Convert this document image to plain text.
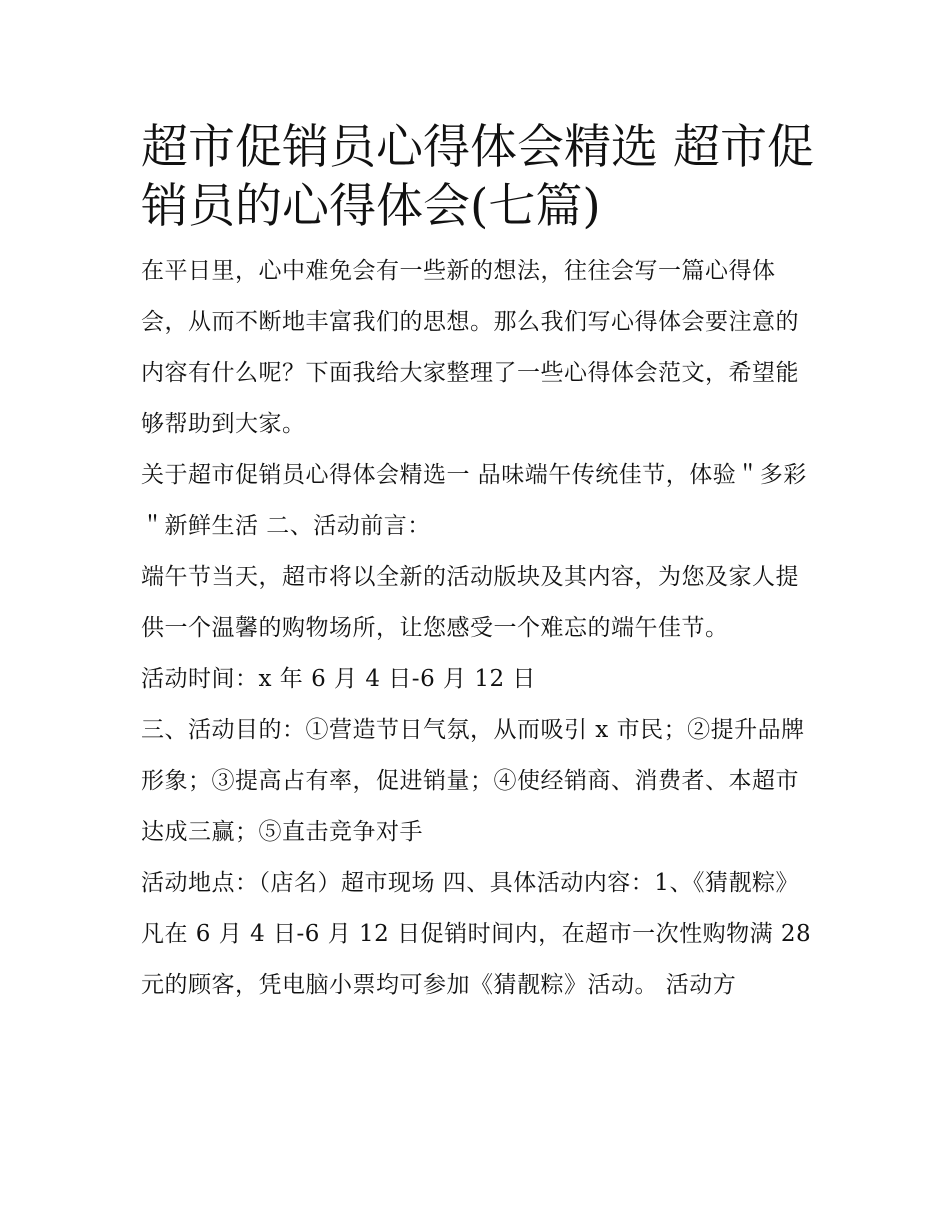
超市促销员心得体会精选 超市促销员的心得体会(七篇)

在平日里，心中难免会有一些新的想法，往往会写一篇心得体会，从而不断地丰富我们的思想。那么我们写心得体会要注意的内容有什么呢？下面我给大家整理了一些心得体会范文，希望能够帮助到大家。

关于超市促销员心得体会精选一 品味端午传统佳节，体验＂多彩＂新鲜生活 二、活动前言：

端午节当天，超市将以全新的活动版块及其内容，为您及家人提供一个温馨的购物场所，让您感受一个难忘的端午佳节。

活动时间：x 年 6 月 4 日-6 月 12 日

三、活动目的：①营造节日气氛，从而吸引 x 市民；②提升品牌形象；③提高占有率，促进销量；④使经销商、消费者、本超市达成三赢；⑤直击竞争对手

活动地点：（店名）超市现场 四、具体活动内容：1、《猜靓粽》

凡在 6 月 4 日-6 月 12 日促销时间内，在超市一次性购物满 28 元的顾客，凭电脑小票均可参加《猜靓粽》活动。 活动方
